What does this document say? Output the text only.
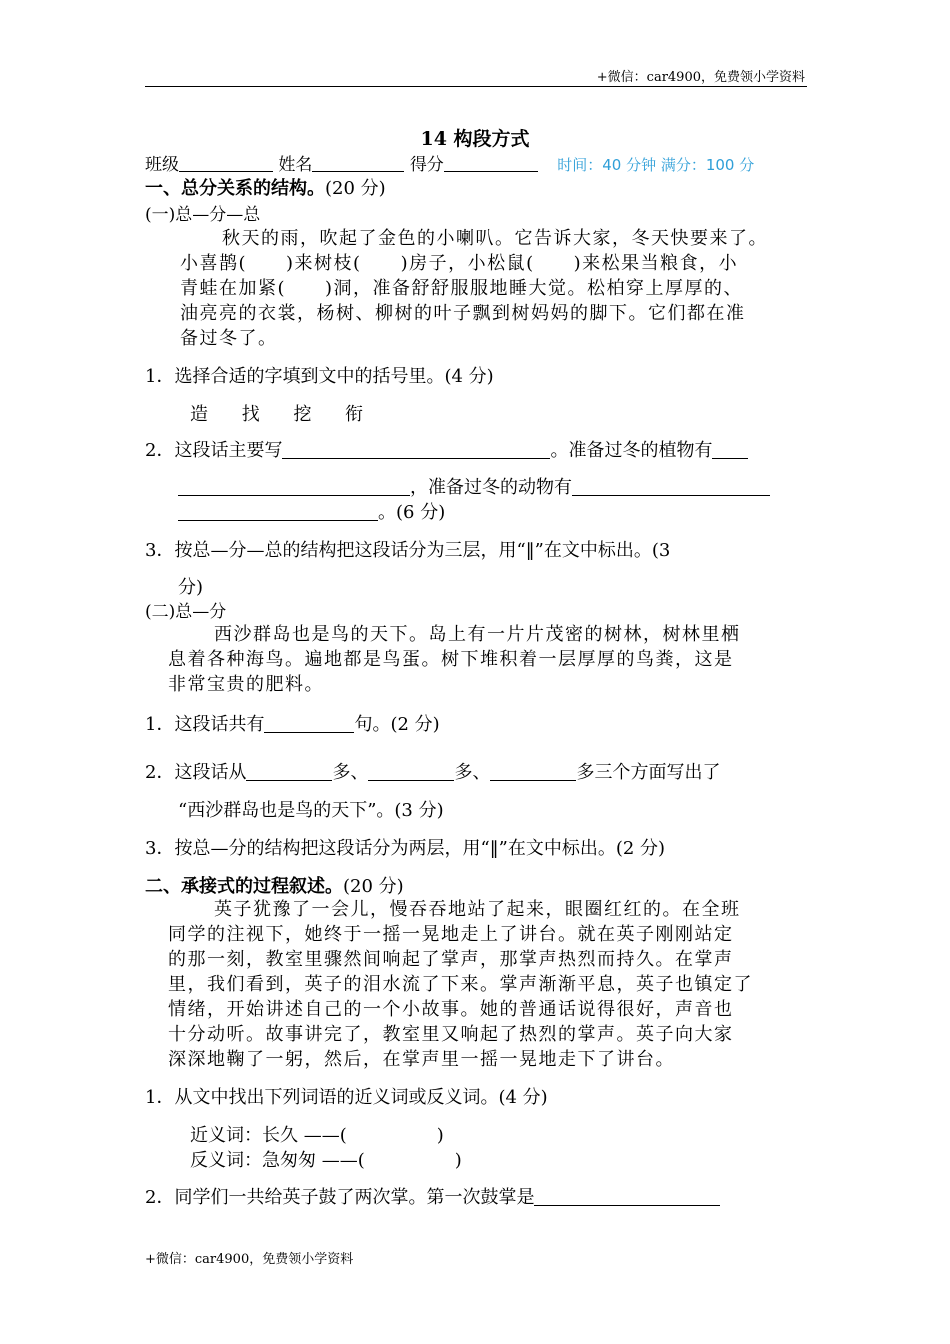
+微信：car4900，免费领小学资料
14 构段方式
班级	姓名	得分	时间：40 分钟 满分：100 分
一、总分关系的结构。(20 分)
(一)总—分—总
秋天的雨，吹起了金色的小喇叭。它告诉大家，冬天快要来了。
小喜鹊(　　)来树枝(　　)房子，小松鼠(　　)来松果当粮食，小
青蛙在加紧(　　)洞，准备舒舒服服地睡大觉。松柏穿上厚厚的、
油亮亮的衣裳，杨树、柳树的叶子飘到树妈妈的脚下。它们都在准
备过冬了。
1．选择合适的字填到文中的括号里。(4 分)
造 找 挖 衔
2．这段话主要写	。准备过冬的植物有
，准备过冬的动物有
。(6 分)
3．按总—分—总的结构把这段话分为三层，用“‖”在文中标出。(3
分)
(二)总—分
西沙群岛也是鸟的天下。岛上有一片片茂密的树林，树林里栖
息着各种海鸟。遍地都是鸟蛋。树下堆积着一层厚厚的鸟粪，这是
非常宝贵的肥料。
1．这段话共有	句。(2 分)
2．这段话从	多、	多、	多三个方面写出了
“西沙群岛也是鸟的天下”。(3 分)
3．按总—分的结构把这段话分为两层，用“‖”在文中标出。(2 分)
二、承接式的过程叙述。(20 分)
英子犹豫了一会儿，慢吞吞地站了起来，眼圈红红的。在全班
同学的注视下，她终于一摇一晃地走上了讲台。就在英子刚刚站定
的那一刻，教室里骤然间响起了掌声，那掌声热烈而持久。在掌声
里，我们看到，英子的泪水流了下来。掌声渐渐平息，英子也镇定了
情绪，开始讲述自己的一个小故事。她的普通话说得很好，声音也
十分动听。故事讲完了，教室里又响起了热烈的掌声。英子向大家
深深地鞠了一躬，然后，在掌声里一摇一晃地走下了讲台。
1．从文中找出下列词语的近义词或反义词。(4 分)
近义词：长久 ——(　　　　　)
反义词：急匆匆 ——(　　　　　)
2．同学们一共给英子鼓了两次掌。第一次鼓掌是
+微信：car4900，免费领小学资料
